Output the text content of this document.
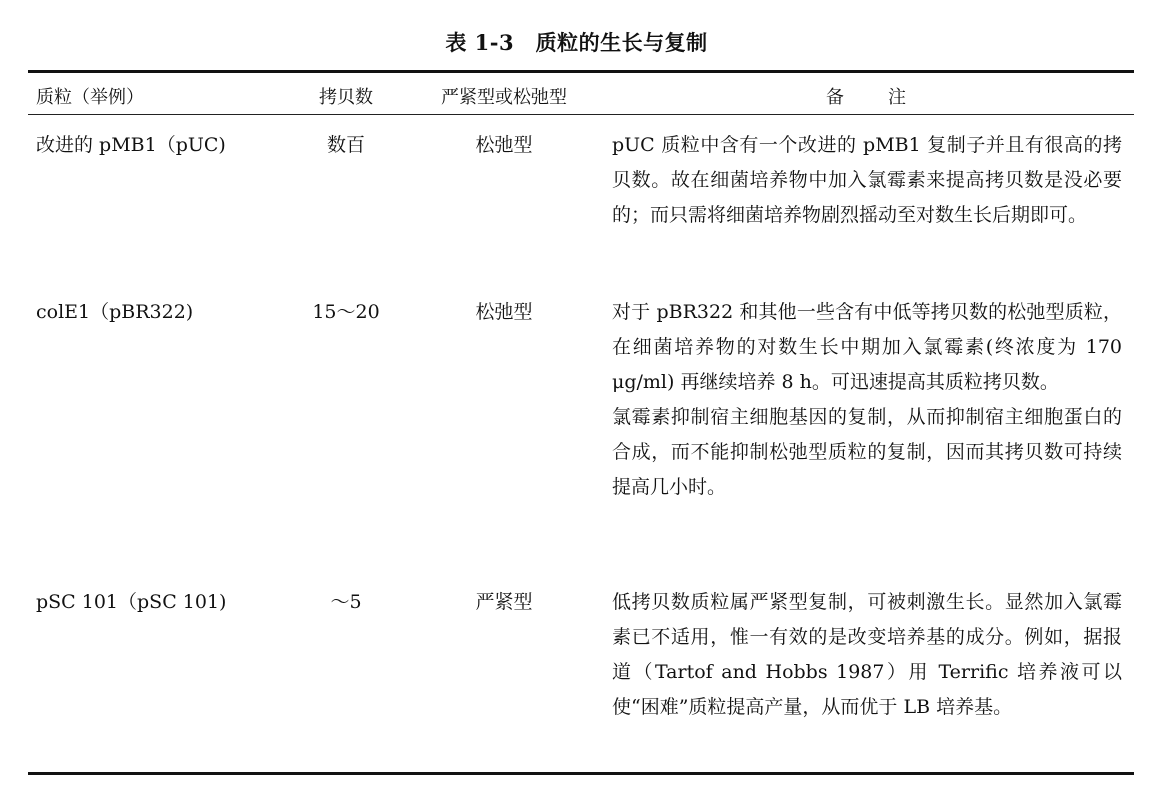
表 1-3　质粒的生长与复制
质粒（举例）	拷贝数	严紧型或松弛型	备注
改进的 pMB1（pUC)	数百	松弛型	pUC 质粒中含有一个改进的 pMB1 复制子并且有很高的拷贝数。故在细菌培养物中加入氯霉素来提高拷贝数是没必要的；而只需将细菌培养物剧烈摇动至对数生长后期即可。

colE1（pBR322)	15～20	松弛型	对于 pBR322 和其他一些含有中低等拷贝数的松弛型质粒，在细菌培养物的对数生长中期加入氯霉素(终浓度为 170 μg/ml) 再继续培养 8 h。可迅速提高其质粒拷贝数。

氯霉素抑制宿主细胞基因的复制，从而抑制宿主细胞蛋白的合成，而不能抑制松弛型质粒的复制，因而其拷贝数可持续提高几小时。

pSC 101（pSC 101)	～5	严紧型	低拷贝数质粒属严紧型复制，可被刺激生长。显然加入氯霉素已不适用，惟一有效的是改变培养基的成分。例如，据报道（Tartof and Hobbs 1987）用 Terrific 培养液可以使“困难”质粒提高产量，从而优于 LB 培养基。
